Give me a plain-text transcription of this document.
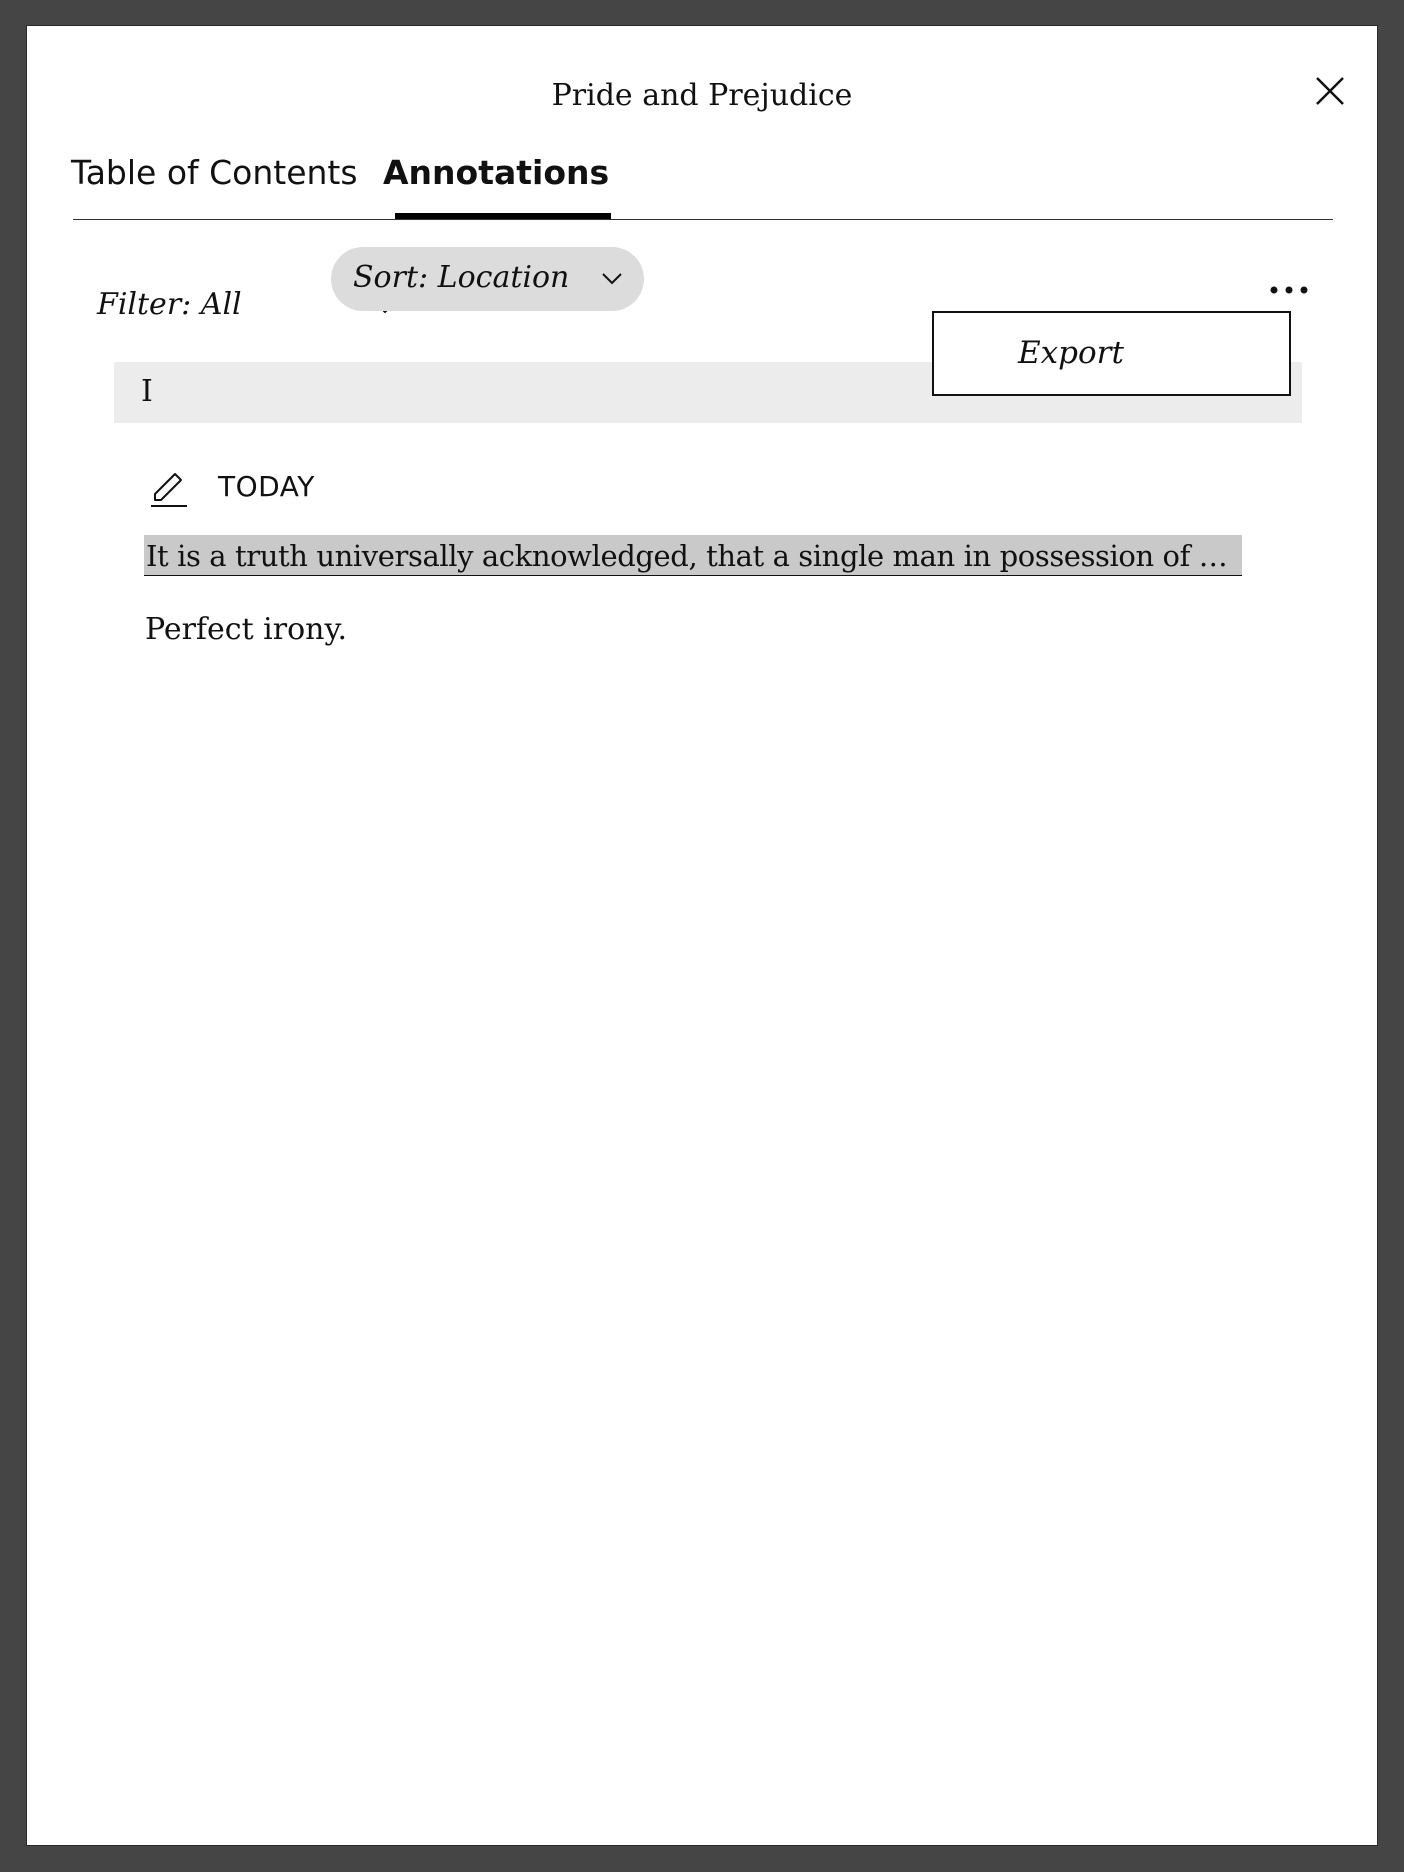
Pride and Prejudice
Table of Contents Annotations
Filter: All
Sort: Location
I
Export
TODAY
It is a truth universally acknowledged, that a single man in possession of …
Perfect irony.
